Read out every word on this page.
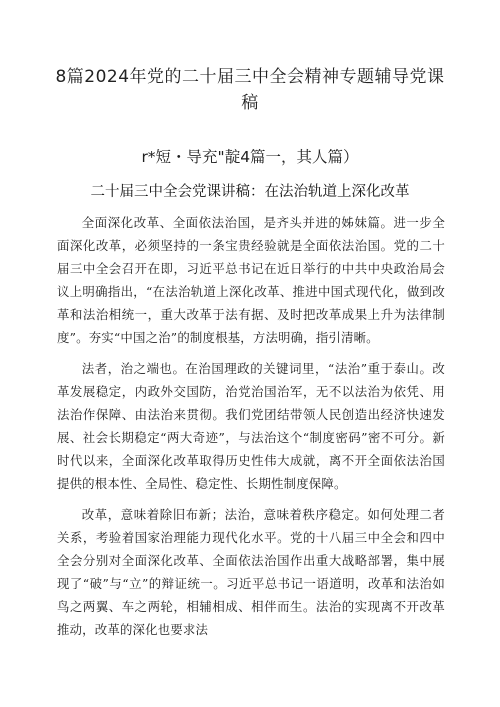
8篇2024年党的二十届三中全会精神专题辅导党课稿

r*短・导充"靛4篇一，其人篇）

二十届三中全会党课讲稿：在法治轨道上深化改革

全面深化改革、全面依法治国，是齐头并进的姊妹篇。进一步全面深化改革，必须坚持的一条宝贵经验就是全面依法治国。党的二十届三中全会召开在即，习近平总书记在近日举行的中共中央政治局会议上明确指出，“在法治轨道上深化改革、推进中国式现代化，做到改革和法治相统一，重大改革于法有据、及时把改革成果上升为法律制度”。夯实“中国之治”的制度根基，方法明确，指引清晰。

法者，治之端也。在治国理政的关键词里，“法治”重于泰山。改革发展稳定，内政外交国防，治党治国治军，无不以法治为依凭、用法治作保障、由法治来贯彻。我们党团结带领人民创造出经济快速发展、社会长期稳定“两大奇迹”，与法治这个“制度密码”密不可分。新时代以来，全面深化改革取得历史性伟大成就，离不开全面依法治国提供的根本性、全局性、稳定性、长期性制度保障。

改革，意味着除旧布新；法治，意味着秩序稳定。如何处理二者关系，考验着国家治理能力现代化水平。党的十八届三中全会和四中全会分别对全面深化改革、全面依法治国作出重大战略部署，集中展现了“破”与“立”的辩证统一。习近平总书记一语道明，改革和法治如鸟之两翼、车之两轮，相辅相成、相伴而生。法治的实现离不开改革推动，改革的深化也要求法
